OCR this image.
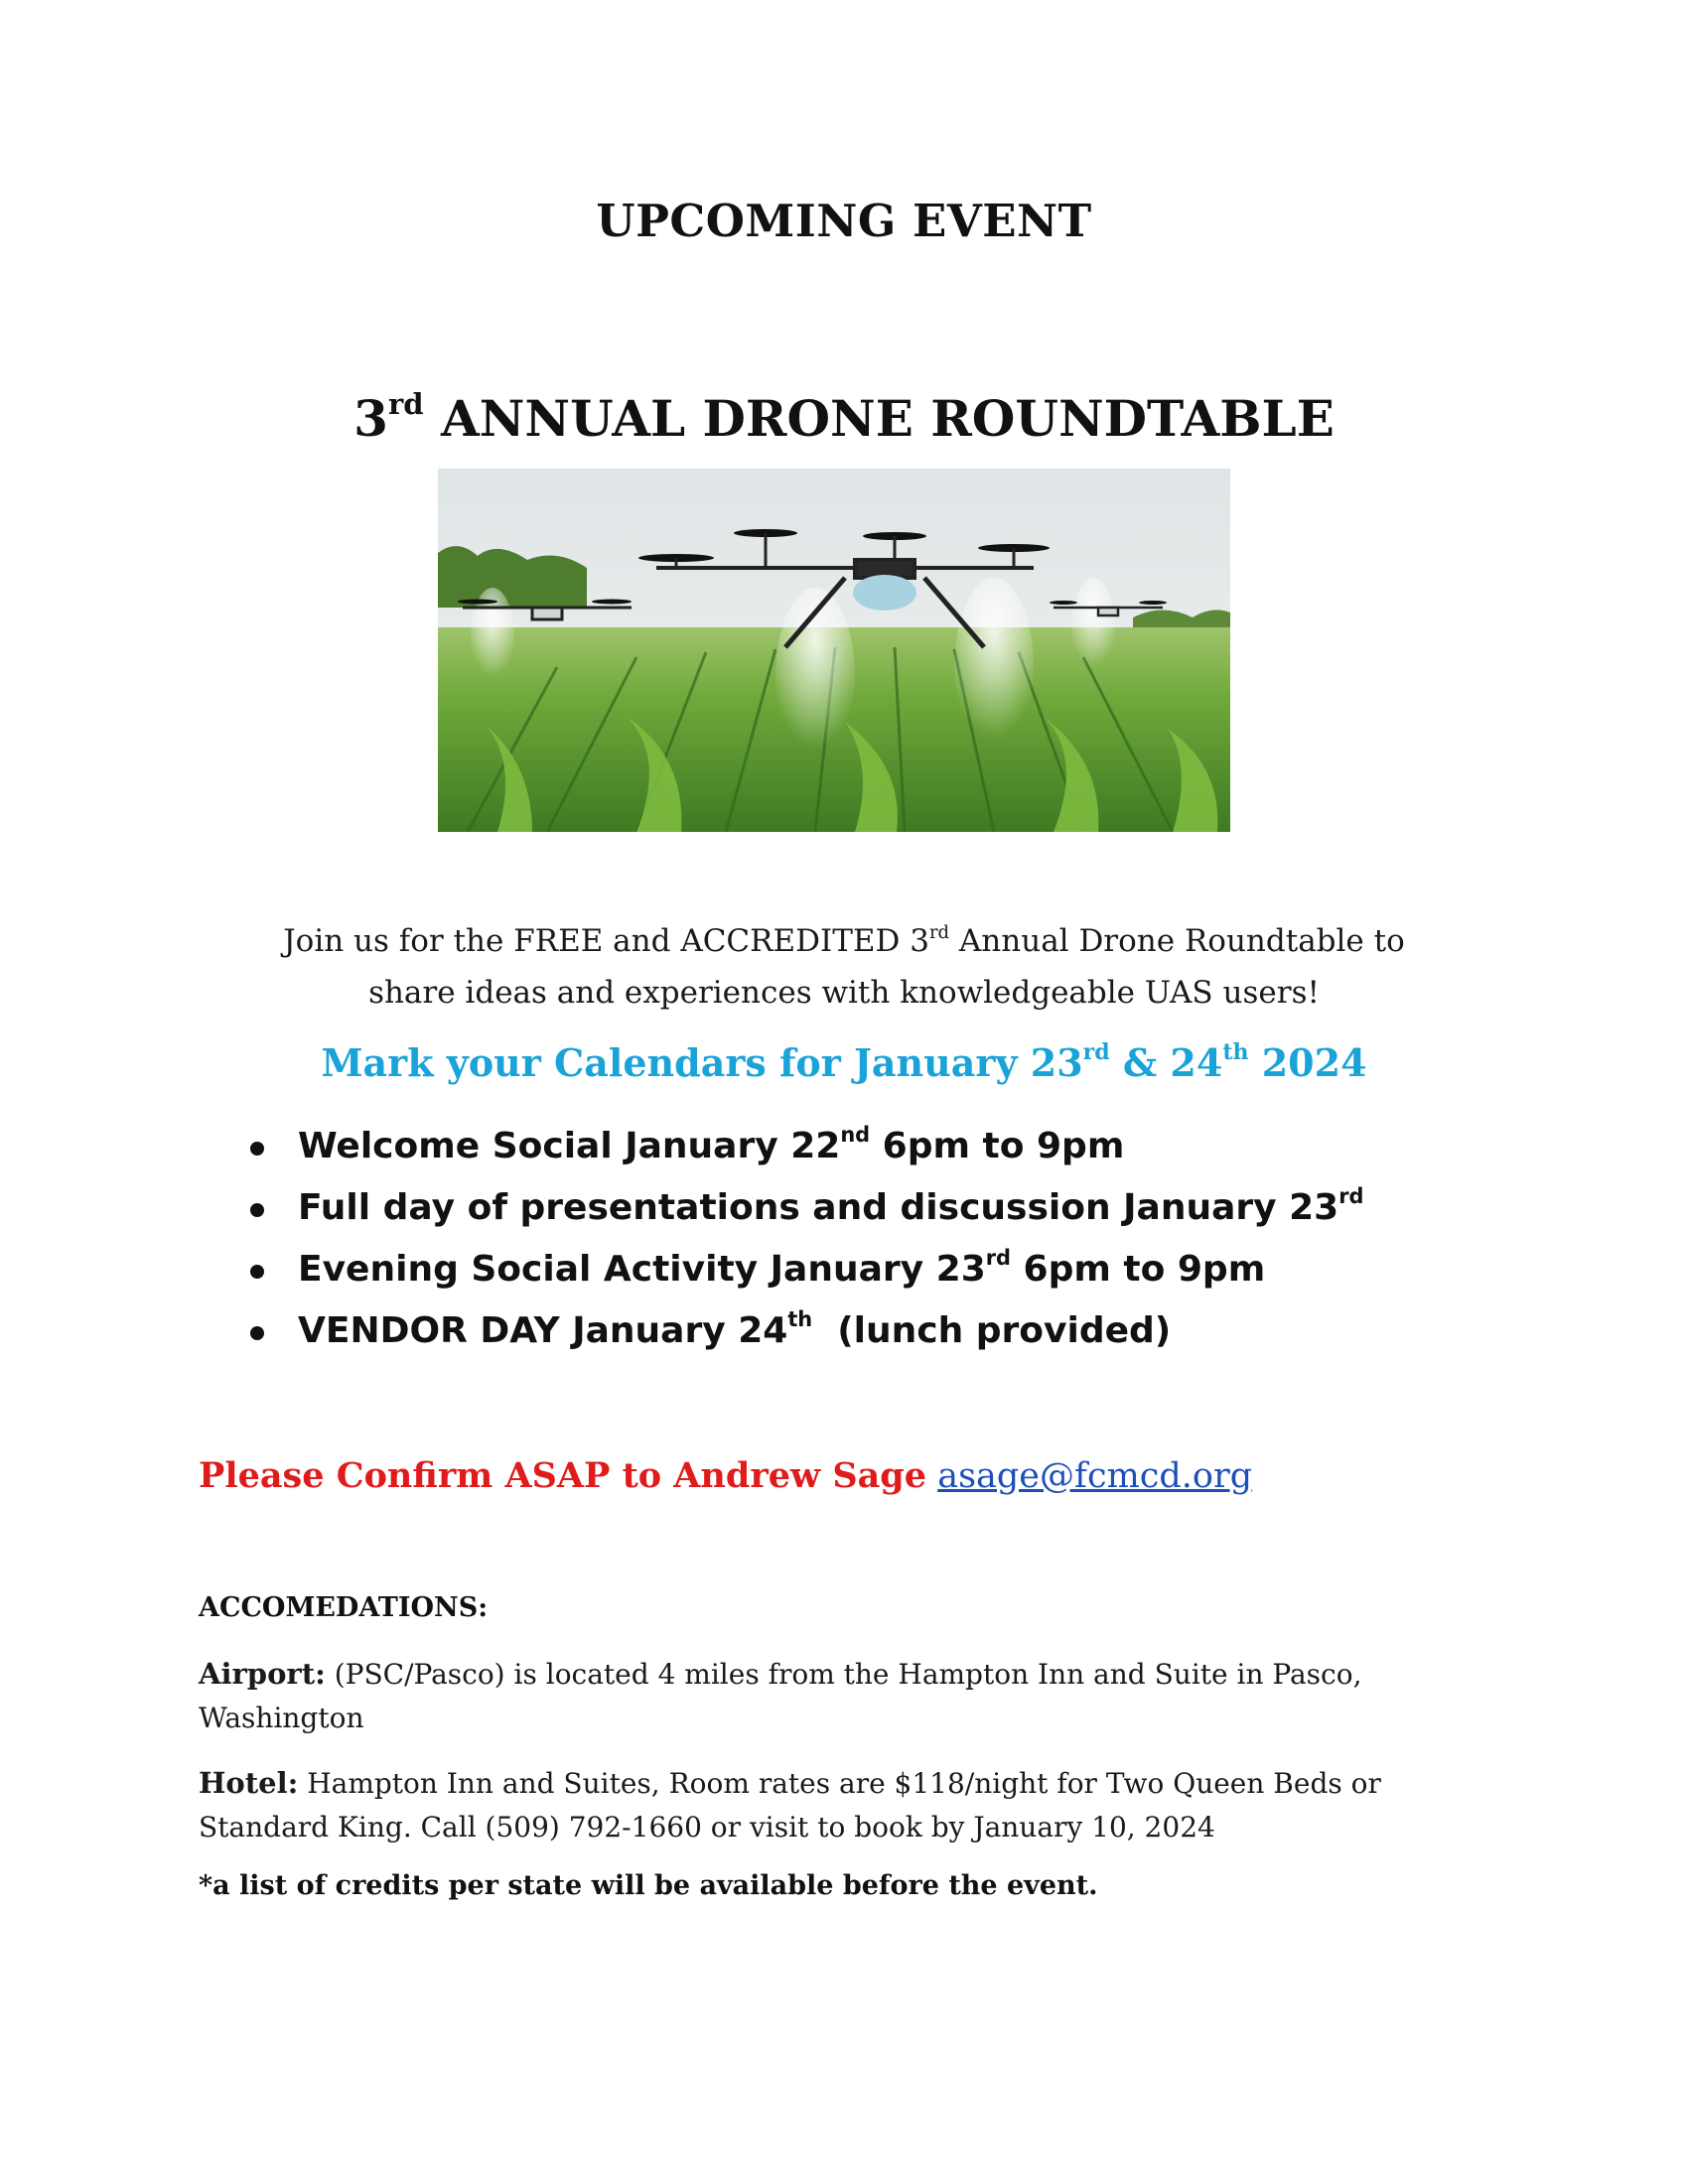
UPCOMING EVENT
3rd ANNUAL DRONE ROUNDTABLE
Join us for the FREE and ACCREDITED 3rd Annual Drone Roundtable to
share ideas and experiences with knowledgeable UAS users!
Mark your Calendars for January 23rd & 24th 2024
Welcome Social January 22nd 6pm to 9pm
Full day of presentations and discussion January 23rd
Evening Social Activity January 23rd 6pm to 9pm
VENDOR DAY January 24th  (lunch provided)
Please Confirm ASAP to Andrew Sage asage@fcmcd.org
ACCOMEDATIONS:
Airport: (PSC/Pasco) is located 4 miles from the Hampton Inn and Suite in Pasco, Washington
Hotel: Hampton Inn and Suites, Room rates are $118/night for Two Queen Beds or Standard King. Call (509) 792-1660 or visit to book by January 10, 2024
*a list of credits per state will be available before the event.
